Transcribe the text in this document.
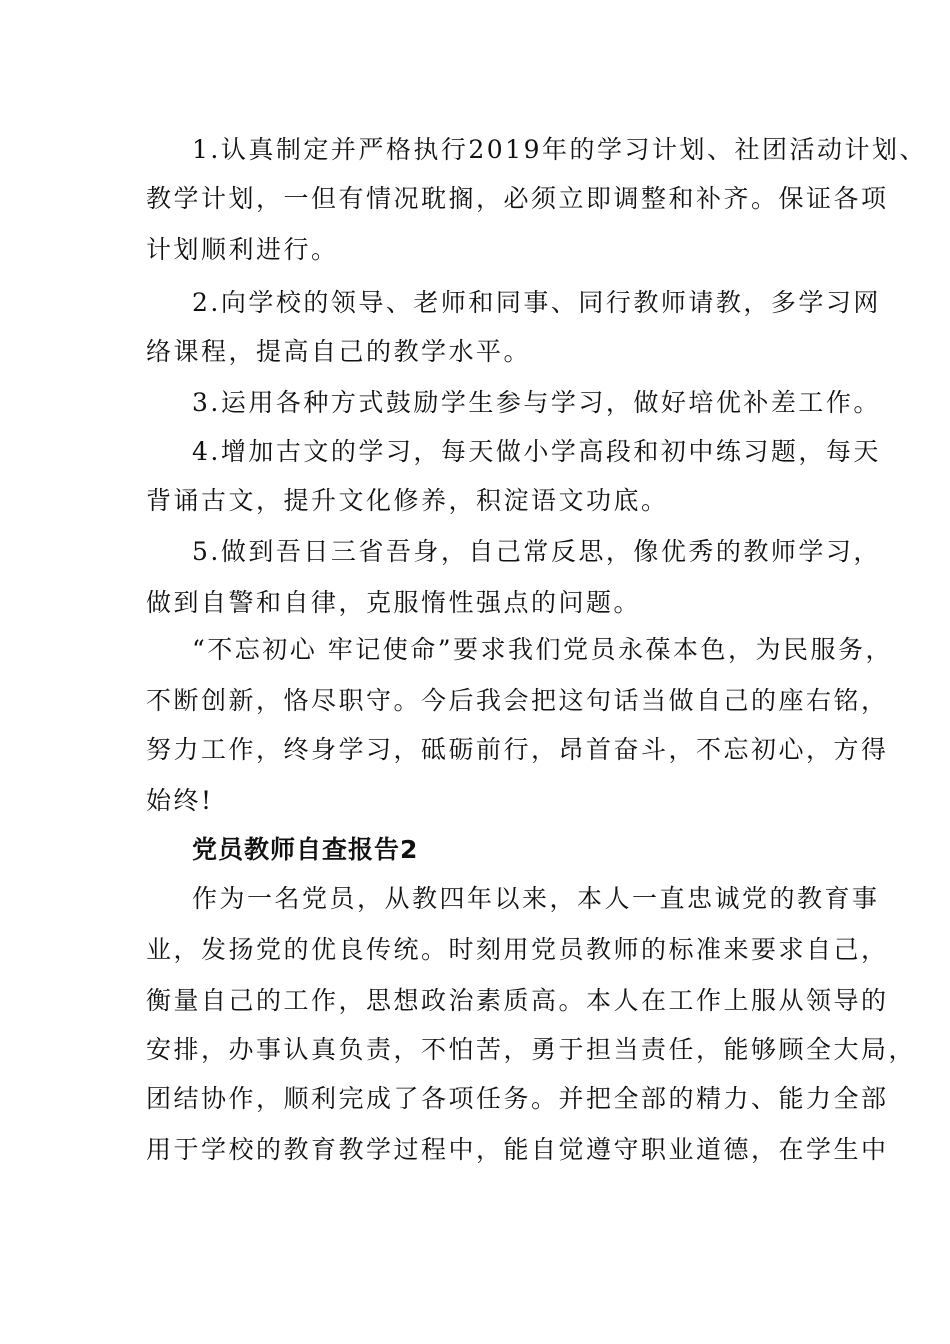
1.认真制定并严格执行2019年的学习计划、社团活动计划、
教学计划，一但有情况耽搁，必须立即调整和补齐。保证各项
计划顺利进行。
2.向学校的领导、老师和同事、同行教师请教，多学习网
络课程，提高自己的教学水平。
3.运用各种方式鼓励学生参与学习，做好培优补差工作。
4.增加古文的学习，每天做小学高段和初中练习题，每天
背诵古文，提升文化修养，积淀语文功底。
5.做到吾日三省吾身，自己常反思，像优秀的教师学习，
做到自警和自律，克服惰性强点的问题。
“不忘初心 牢记使命”要求我们党员永葆本色，为民服务，
不断创新，恪尽职守。今后我会把这句话当做自己的座右铭，
努力工作，终身学习，砥砺前行，昂首奋斗，不忘初心，方得
始终!
党员教师自查报告2
作为一名党员，从教四年以来，本人一直忠诚党的教育事
业，发扬党的优良传统。时刻用党员教师的标准来要求自己，
衡量自己的工作，思想政治素质高。本人在工作上服从领导的
安排，办事认真负责，不怕苦，勇于担当责任，能够顾全大局，
团结协作，顺利完成了各项任务。并把全部的精力、能力全部
用于学校的教育教学过程中，能自觉遵守职业道德，在学生中
